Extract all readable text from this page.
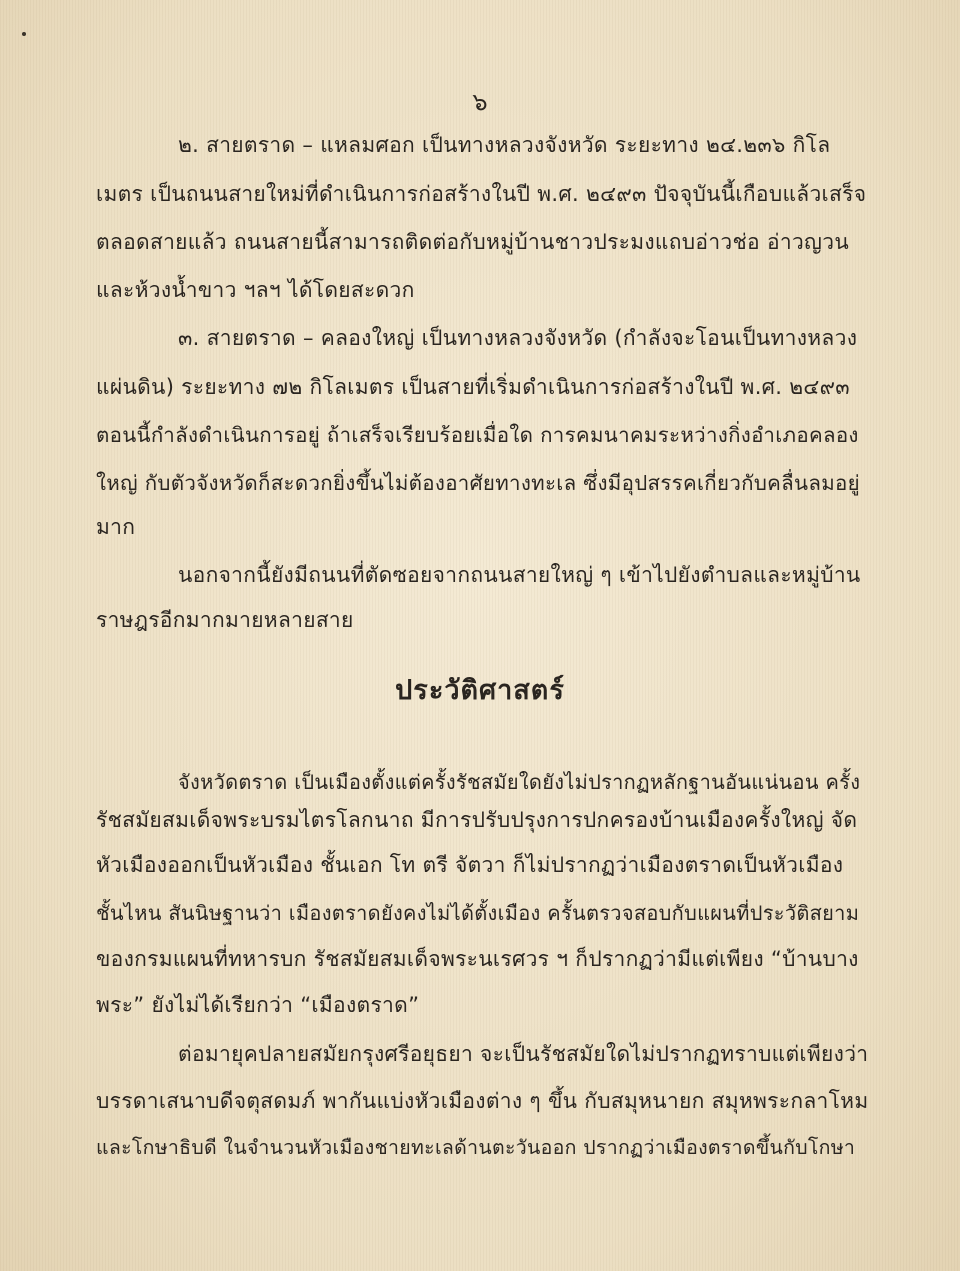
๖
๒. สายตราด – แหลมศอก เป็นทางหลวงจังหวัด ระยะทาง ๒๔.๒๓๖ กิโล
เมตร เป็นถนนสายใหม่ที่ดำเนินการก่อสร้างในปี พ.ศ. ๒๔๙๓ ปัจจุบันนี้เกือบแล้วเสร็จ
ตลอดสายแล้ว ถนนสายนี้สามารถติดต่อกับหมู่บ้านชาวประมงแถบอ่าวช่อ อ่าวญวน
และห้วงน้ำขาว ฯลฯ ได้โดยสะดวก
๓. สายตราด – คลองใหญ่ เป็นทางหลวงจังหวัด (กำลังจะโอนเป็นทางหลวง
แผ่นดิน) ระยะทาง ๗๒ กิโลเมตร เป็นสายที่เริ่มดำเนินการก่อสร้างในปี พ.ศ. ๒๔๙๓
ตอนนี้กำลังดำเนินการอยู่ ถ้าเสร็จเรียบร้อยเมื่อใด การคมนาคมระหว่างกิ่งอำเภอคลอง
ใหญ่ กับตัวจังหวัดก็สะดวกยิ่งขึ้นไม่ต้องอาศัยทางทะเล ซึ่งมีอุปสรรคเกี่ยวกับคลื่นลมอยู่
มาก
นอกจากนี้ยังมีถนนที่ตัดซอยจากถนนสายใหญ่ ๆ เข้าไปยังตำบลและหมู่บ้าน
ราษฎรอีกมากมายหลายสาย
ประวัติศาสตร์
จังหวัดตราด เป็นเมืองตั้งแต่ครั้งรัชสมัยใดยังไม่ปรากฏหลักฐานอันแน่นอน ครั้ง
รัชสมัยสมเด็จพระบรมไตรโลกนาถ มีการปรับปรุงการปกครองบ้านเมืองครั้งใหญ่ จัด
หัวเมืองออกเป็นหัวเมือง ชั้นเอก โท ตรี จัตวา ก็ไม่ปรากฏว่าเมืองตราดเป็นหัวเมือง
ชั้นไหน สันนิษฐานว่า เมืองตราดยังคงไม่ได้ตั้งเมือง ครั้นตรวจสอบกับแผนที่ประวัติสยาม
ของกรมแผนที่ทหารบก รัชสมัยสมเด็จพระนเรศวร ฯ ก็ปรากฏว่ามีแต่เพียง “บ้านบาง
พระ” ยังไม่ได้เรียกว่า “เมืองตราด”
ต่อมายุคปลายสมัยกรุงศรีอยุธยา จะเป็นรัชสมัยใดไม่ปรากฏทราบแต่เพียงว่า
บรรดาเสนาบดีจตุสดมภ์ พากันแบ่งหัวเมืองต่าง ๆ ขึ้น กับสมุหนายก สมุหพระกลาโหม
และโกษาธิบดี ในจำนวนหัวเมืองชายทะเลด้านตะวันออก ปรากฏว่าเมืองตราดขึ้นกับโกษา
